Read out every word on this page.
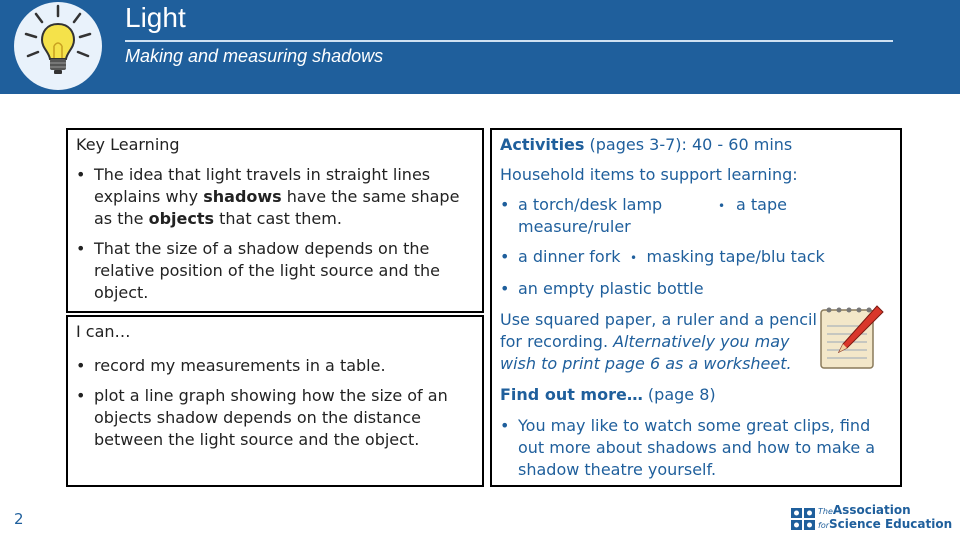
Light
Making and measuring shadows
Key Learning
• The idea that light travels in straight lines explains why shadows have the same shape as the objects that cast them.
• That the size of a shadow depends on the relative position of the light source and the object.
I can…
• record my measurements in a table.
• plot a line graph showing how the size of an objects shadow depends on the distance between the light source and the object.
Activities (pages 3-7): 40 - 60 mins
Household items to support learning:
• a torch/desk lamp
measure/ruler
• a tape
• a dinner fork • masking tape/blu tack
• an empty plastic bottle
Use squared paper, a ruler and a pencil for recording. Alternatively you may wish to print page 6 as a worksheet.
Find out more… (page 8)
• You may like to watch some great clips, find out more about shadows and how to make a shadow theatre yourself.
2	TheAssociation
forScience Education
